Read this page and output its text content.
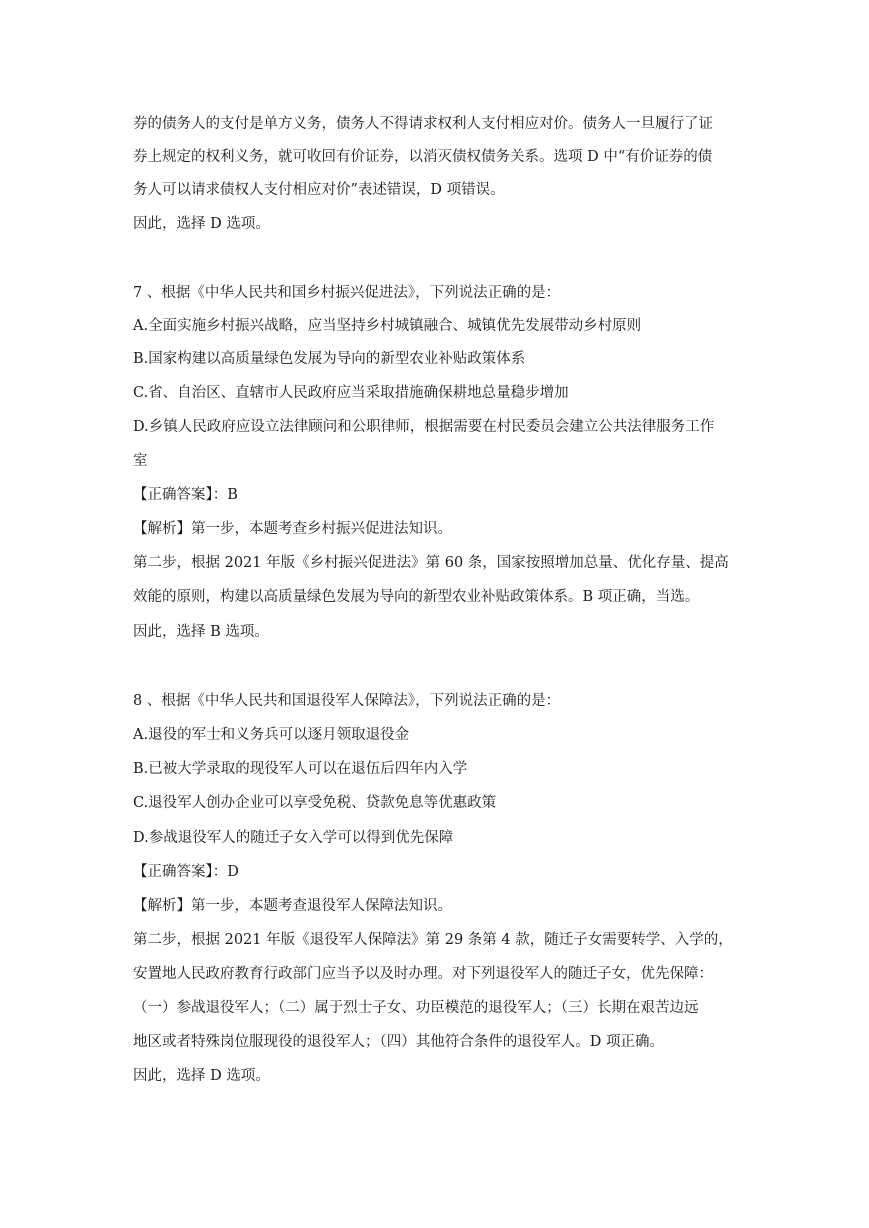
券的债务人的支付是单方义务，债务人不得请求权利人支付相应对价。债务人一旦履行了证
券上规定的权利义务，就可收回有价证券，以消灭债权债务关系。选项 D 中“有价证券的债
务人可以请求债权人支付相应对价”表述错误，D 项错误。
因此，选择 D 选项。
7 、根据《中华人民共和国乡村振兴促进法》，下列说法正确的是：
A.全面实施乡村振兴战略，应当坚持乡村城镇融合、城镇优先发展带动乡村原则
B.国家构建以高质量绿色发展为导向的新型农业补贴政策体系
C.省、自治区、直辖市人民政府应当采取措施确保耕地总量稳步增加
D.乡镇人民政府应设立法律顾问和公职律师，根据需要在村民委员会建立公共法律服务工作
室
【正确答案】：B
【解析】第一步，本题考查乡村振兴促进法知识。
第二步，根据 2021 年版《乡村振兴促进法》第 60 条，国家按照增加总量、优化存量、提高
效能的原则，构建以高质量绿色发展为导向的新型农业补贴政策体系。B 项正确，当选。
因此，选择 B 选项。
8 、根据《中华人民共和国退役军人保障法》，下列说法正确的是：
A.退役的军士和义务兵可以逐月领取退役金
B.已被大学录取的现役军人可以在退伍后四年内入学
C.退役军人创办企业可以享受免税、贷款免息等优惠政策
D.参战退役军人的随迁子女入学可以得到优先保障
【正确答案】：D
【解析】第一步，本题考查退役军人保障法知识。
第二步，根据 2021 年版《退役军人保障法》第 29 条第 4 款，随迁子女需要转学、入学的，
安置地人民政府教育行政部门应当予以及时办理。对下列退役军人的随迁子女，优先保障：
（一）参战退役军人；（二）属于烈士子女、功臣模范的退役军人；（三）长期在艰苦边远
地区或者特殊岗位服现役的退役军人；（四）其他符合条件的退役军人。D 项正确。
因此，选择 D 选项。
